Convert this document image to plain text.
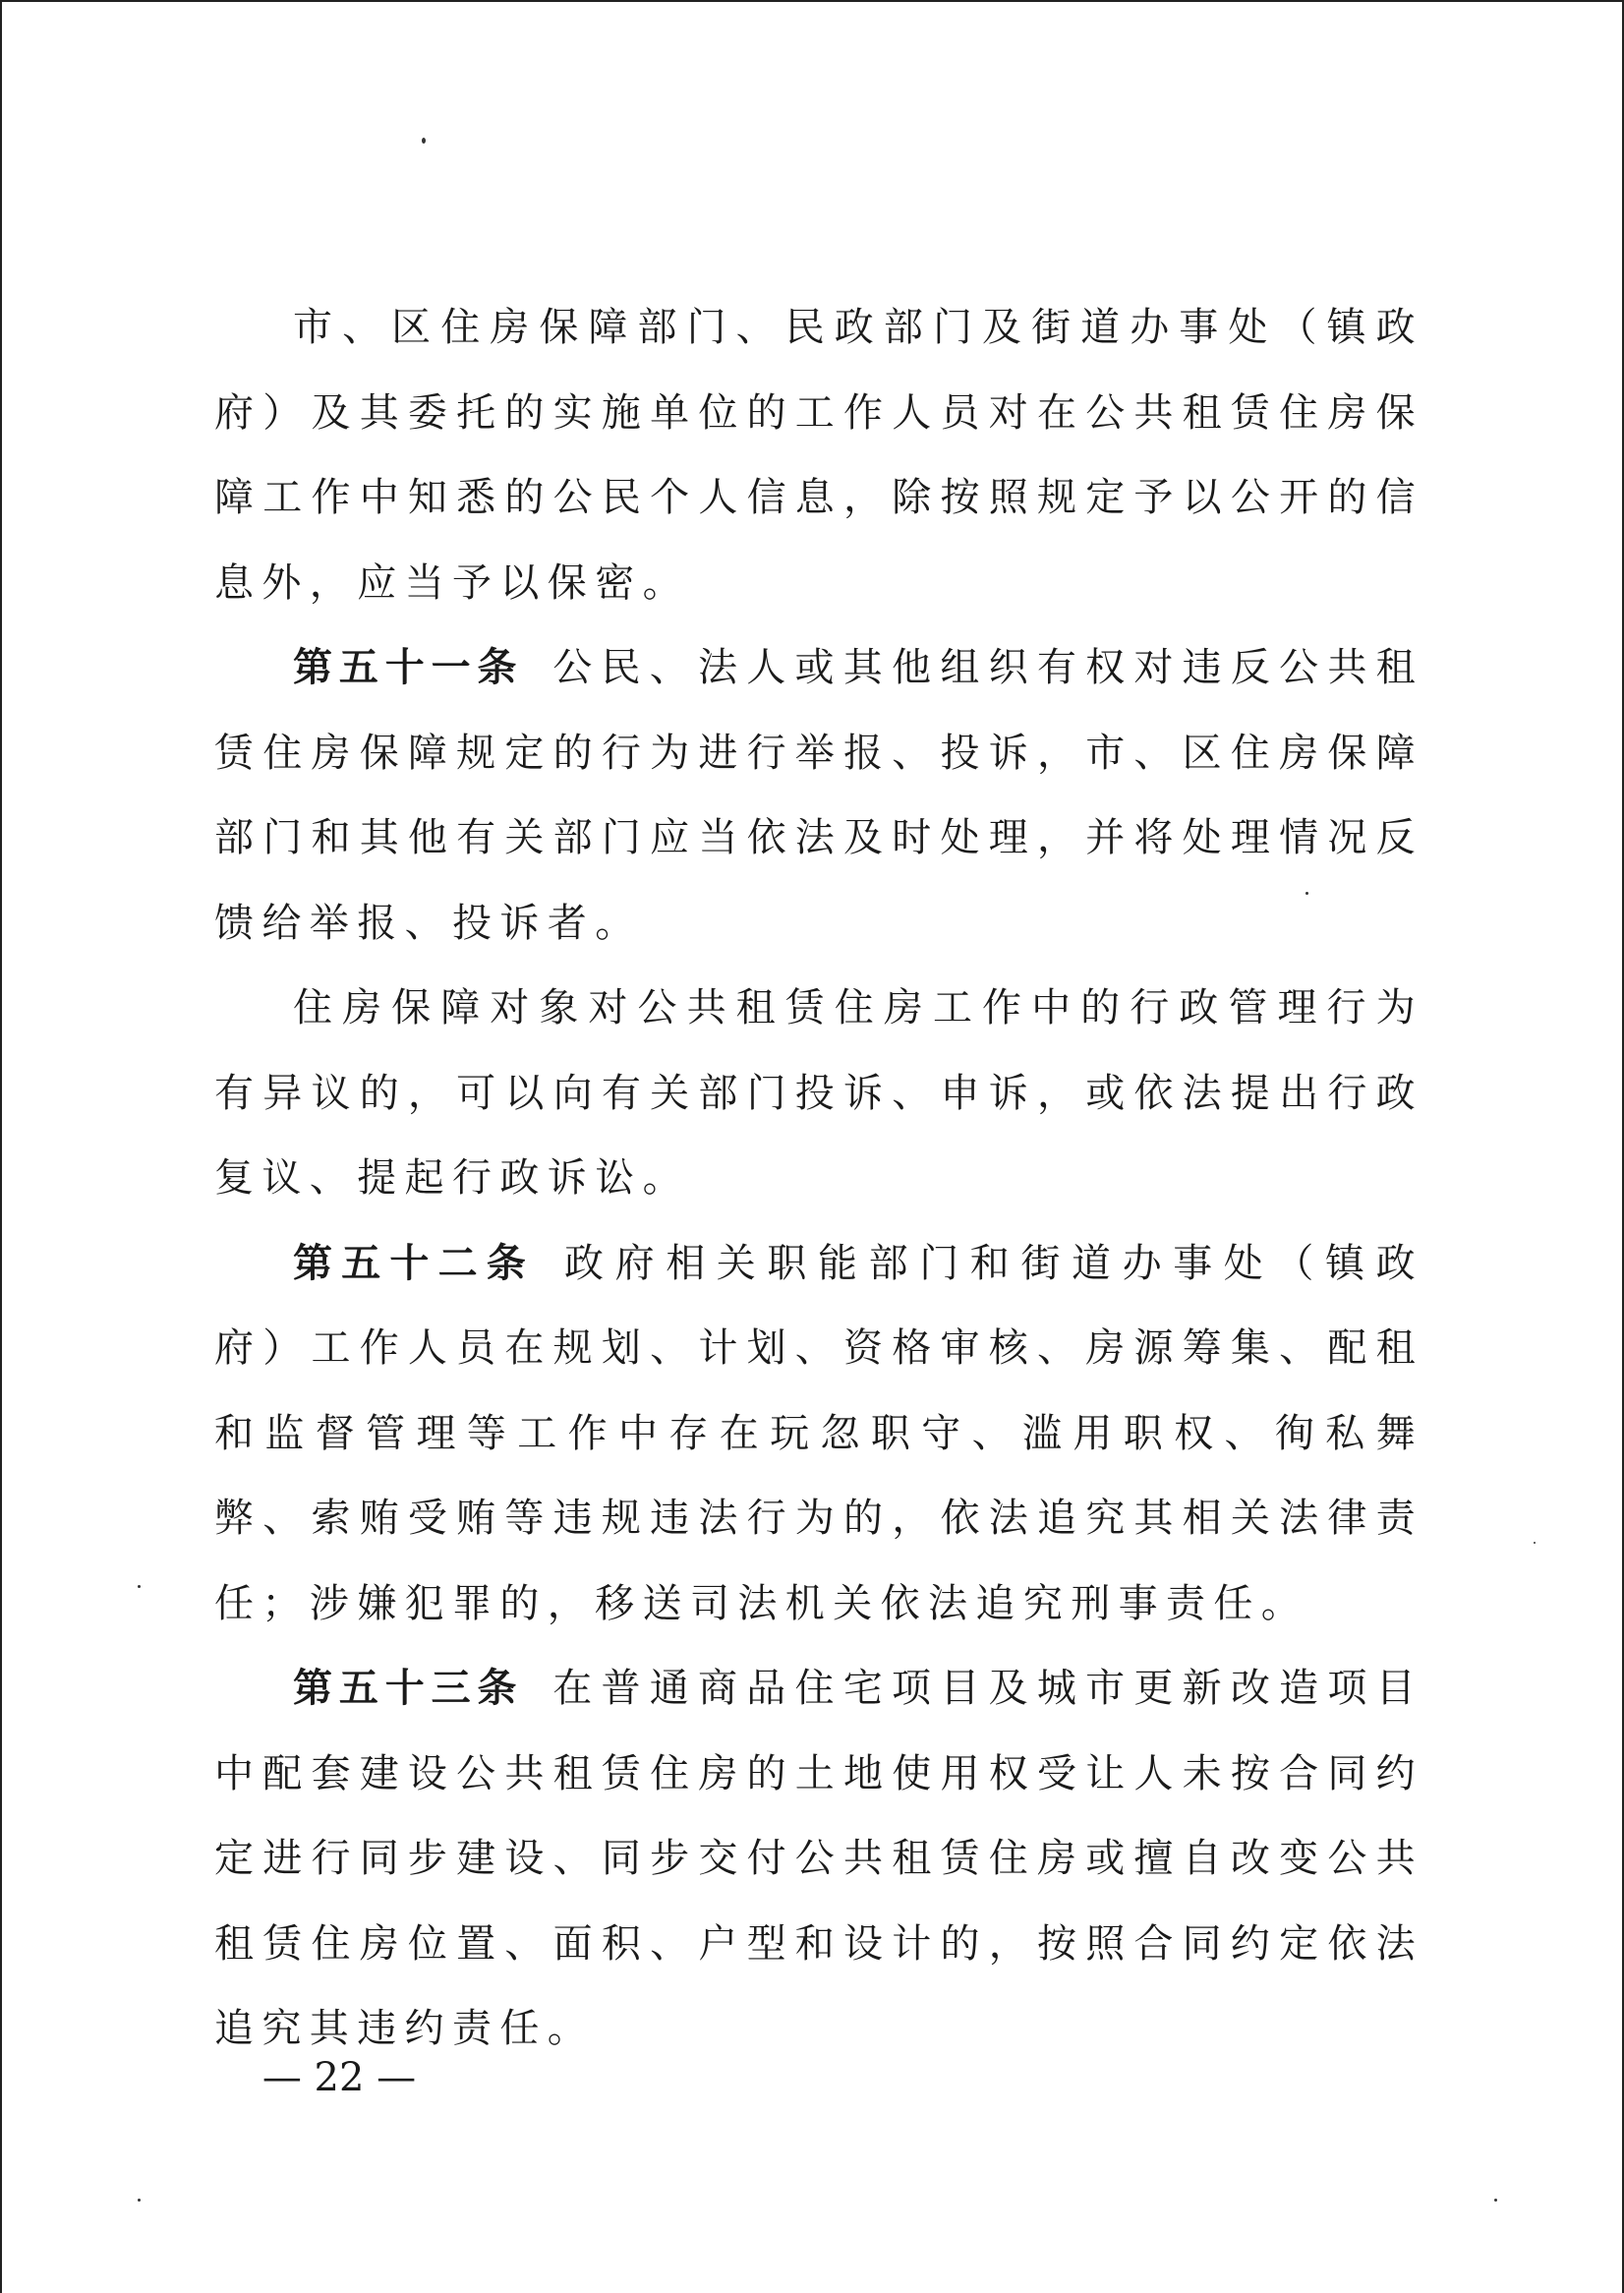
市、区住房保障部门、民政部门及街道办事处（镇政府）及其委托的实施单位的工作人员对在公共租赁住房保障工作中知悉的公民个人信息，除按照规定予以公开的信息外，应当予以保密。

第五十一条 公民、法人或其他组织有权对违反公共租赁住房保障规定的行为进行举报、投诉，市、区住房保障部门和其他有关部门应当依法及时处理，并将处理情况反馈给举报、投诉者。

住房保障对象对公共租赁住房工作中的行政管理行为有异议的，可以向有关部门投诉、申诉，或依法提出行政复议、提起行政诉讼。

第五十二条 政府相关职能部门和街道办事处（镇政府）工作人员在规划、计划、资格审核、房源筹集、配租和监督管理等工作中存在玩忽职守、滥用职权、徇私舞弊、索贿受贿等违规违法行为的，依法追究其相关法律责任；涉嫌犯罪的，移送司法机关依法追究刑事责任。

第五十三条 在普通商品住宅项目及城市更新改造项目中配套建设公共租赁住房的土地使用权受让人未按合同约定进行同步建设、同步交付公共租赁住房或擅自改变公共租赁住房位置、面积、户型和设计的，按照合同约定依法追究其违约责任。

— 22 —
